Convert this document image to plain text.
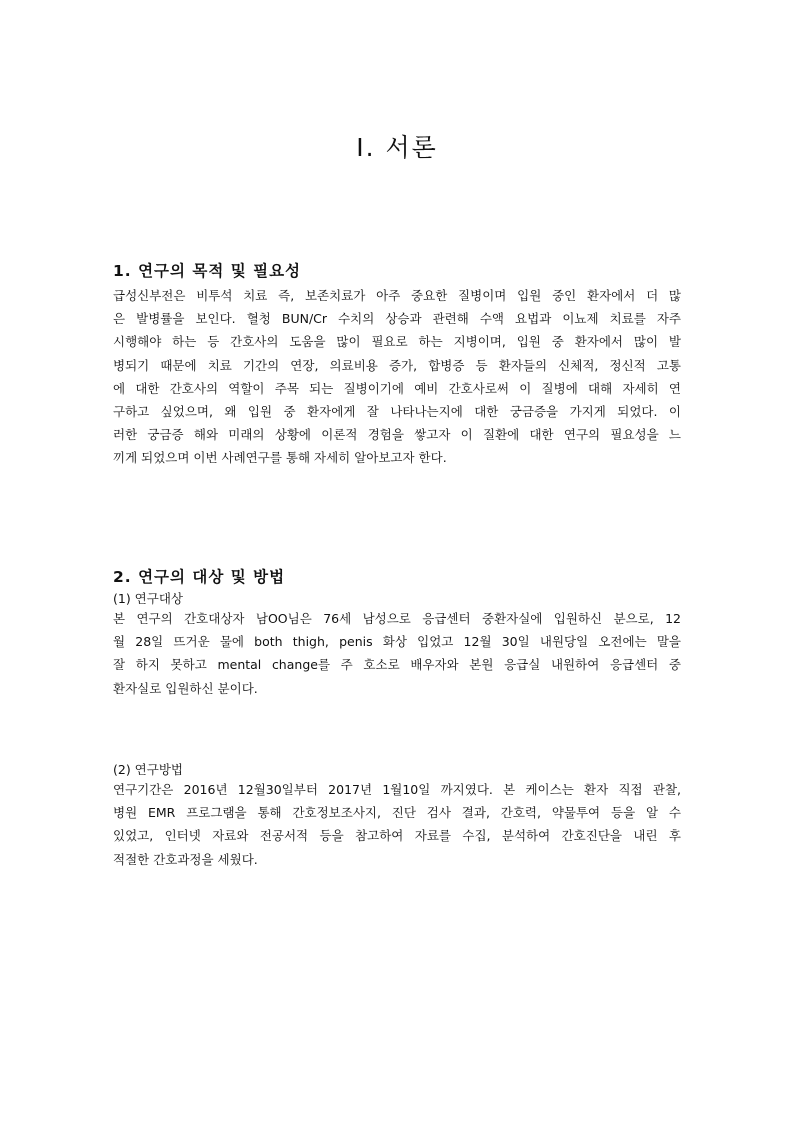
Ⅰ. 서론
1. 연구의 목적 및 필요성
급성신부전은 비투석 치료 즉, 보존치료가 아주 중요한 질병이며 입원 중인 환자에서 더 많
은 발병률을 보인다. 혈청 BUN/Cr 수치의 상승과 관련해 수액 요법과 이뇨제 치료를 자주
시행해야 하는 등 간호사의 도움을 많이 필요로 하는 지병이며, 입원 중 환자에서 많이 발
병되기 때문에 치료 기간의 연장, 의료비용 증가, 합병증 등 환자들의 신체적, 정신적 고통
에 대한 간호사의 역할이 주목 되는 질병이기에 예비 간호사로써 이 질병에 대해 자세히 연
구하고 싶었으며, 왜 입원 중 환자에게 잘 나타나는지에 대한 궁금증을 가지게 되었다. 이
러한 궁금증 해와 미래의 상황에 이론적 경험을 쌓고자 이 질환에 대한 연구의 필요성을 느
끼게 되었으며 이번 사례연구를 통해 자세히 알아보고자 한다.
2. 연구의 대상 및 방법
(1) 연구대상
본 연구의 간호대상자 남OO님은 76세 남성으로 응급센터 중환자실에 입원하신 분으로, 12
월 28일 뜨거운 물에 both thigh, penis 화상 입었고 12월 30일 내원당일 오전에는 말을
잘 하지 못하고 mental change를 주 호소로 배우자와 본원 응급실 내원하여 응급센터 중
환자실로 입원하신 분이다.
(2) 연구방법
연구기간은 2016년 12월30일부터 2017년 1월10일 까지였다. 본 케이스는 환자 직접 관찰,
병원 EMR 프로그램을 통해 간호정보조사지, 진단 검사 결과, 간호력, 약물투여 등을 알 수
있었고, 인터넷 자료와 전공서적 등을 참고하여 자료를 수집, 분석하여 간호진단을 내린 후
적절한 간호과정을 세웠다.
